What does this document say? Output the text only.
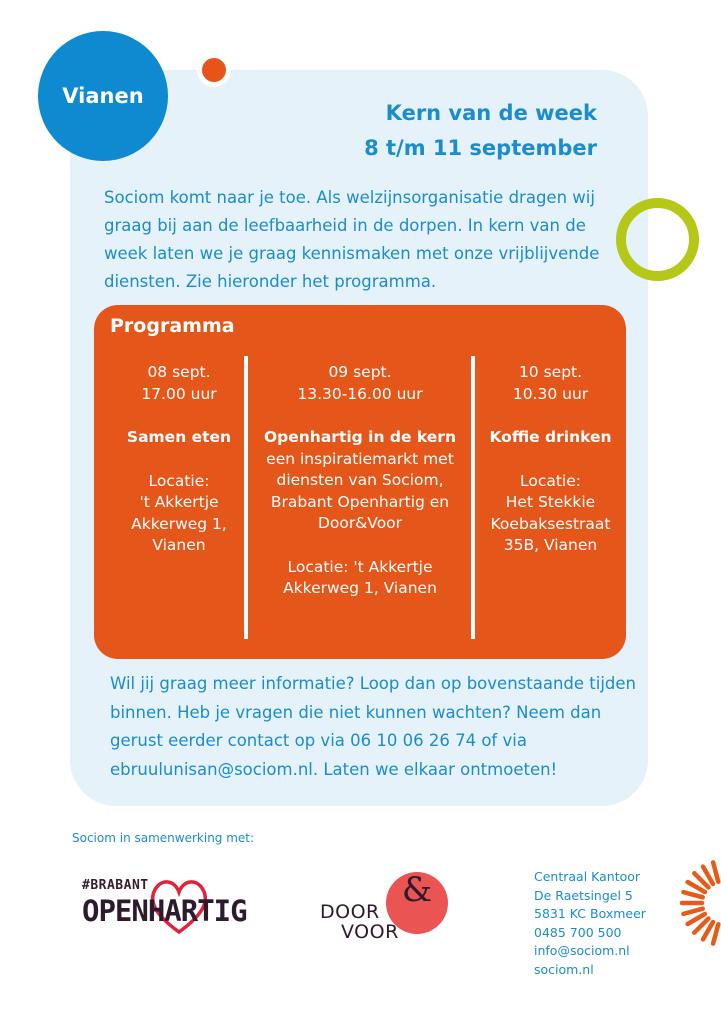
Vianen
Kern van de week
8 t/m 11 september
Sociom komt naar je toe. Als welzijnsorganisatie dragen wij graag bij aan de leefbaarheid in de dorpen. In kern van de week laten we je graag kennismaken met onze vrijblijvende diensten. Zie hieronder het programma.
Programma
08 sept.
17.00 uur
Samen eten
Locatie:
't Akkertje
Akkerweg 1,
Vianen
09 sept.
13.30-16.00 uur
Openhartig in de kern
een inspiratiemarkt met diensten van Sociom, Brabant Openhartig en Door&Voor
Locatie: 't Akkertje
Akkerweg 1, Vianen
10 sept.
10.30 uur
Koffie drinken
Locatie:
Het Stekkie
Koebaksestraat
35B, Vianen
Wil jij graag meer informatie? Loop dan op bovenstaande tijden binnen. Heb je vragen die niet kunnen wachten? Neem dan gerust eerder contact op via 06 10 06 26 74 of via ebruulunisan@sociom.nl. Laten we elkaar ontmoeten!
Sociom in samenwerking met:
#BRABANT
OPENHARTIG
&
DOOR
VOOR
Centraal Kantoor
De Raetsingel 5
5831 KC Boxmeer
0485 700 500
info@sociom.nl
sociom.nl
